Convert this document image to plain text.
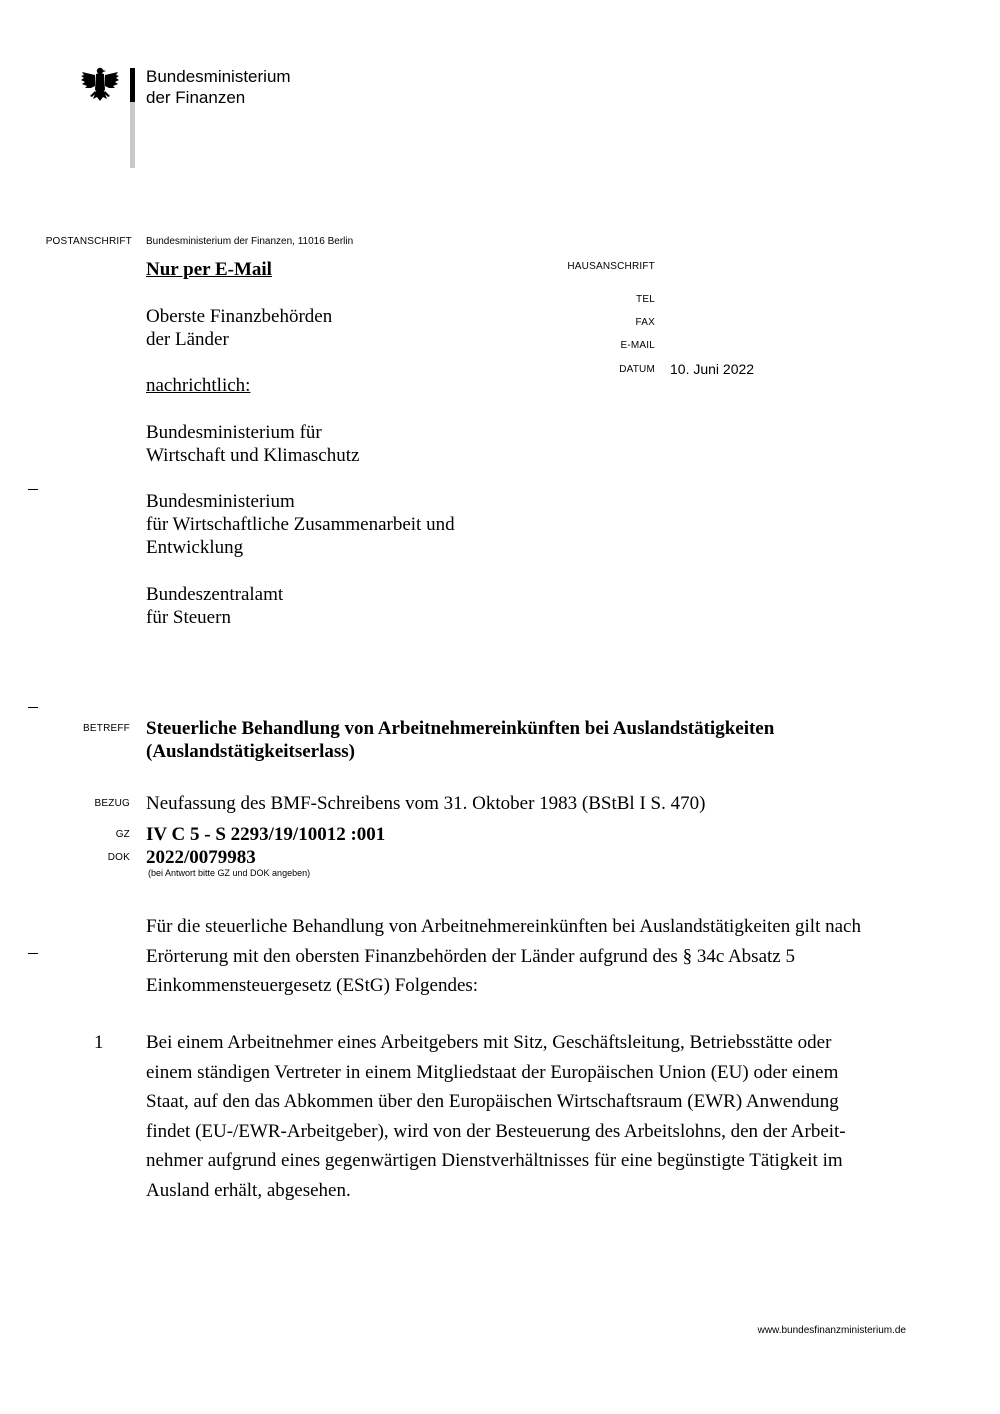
Bundesministerium
der Finanzen
POSTANSCHRIFT Bundesministerium der Finanzen, 11016 Berlin
Nur per E-Mail
Oberste Finanzbehörden
der Länder
nachrichtlich:
Bundesministerium für
Wirtschaft und Klimaschutz
Bundesministerium
für Wirtschaftliche Zusammenarbeit und
Entwicklung
Bundeszentralamt
für Steuern
HAUSANSCHRIFT
TEL
FAX
E-MAIL
DATUM 10. Juni 2022
BETREFF Steuerliche Behandlung von Arbeitnehmereinkünften bei Auslandstätigkeiten
(Auslandstätigkeitserlass)
BEZUG Neufassung des BMF-Schreibens vom 31. Oktober 1983 (BStBl I S. 470)
GZ IV C 5 - S 2293/19/10012 :001
DOK 2022/0079983
(bei Antwort bitte GZ und DOK angeben)
Für die steuerliche Behandlung von Arbeitnehmereinkünften bei Auslandstätigkeiten gilt nach
Erörterung mit den obersten Finanzbehörden der Länder aufgrund des § 34c Absatz 5
Einkommensteuergesetz (EStG) Folgendes:
1 Bei einem Arbeitnehmer eines Arbeitgebers mit Sitz, Geschäftsleitung, Betriebsstätte oder
einem ständigen Vertreter in einem Mitgliedstaat der Europäischen Union (EU) oder einem
Staat, auf den das Abkommen über den Europäischen Wirtschaftsraum (EWR) Anwendung
findet (EU-/EWR-Arbeitgeber), wird von der Besteuerung des Arbeitslohns, den der Arbeit-
nehmer aufgrund eines gegenwärtigen Dienstverhältnisses für eine begünstigte Tätigkeit im
Ausland erhält, abgesehen.
www.bundesfinanzministerium.de
